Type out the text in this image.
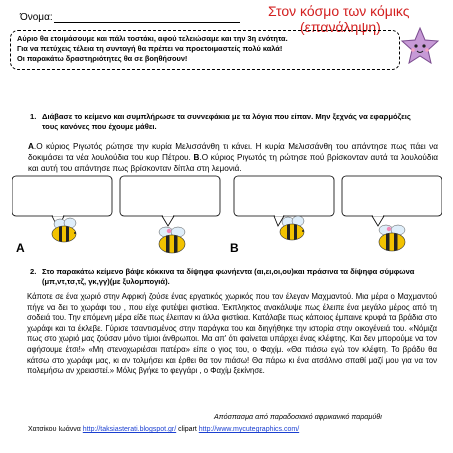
Όνομα:	Στον κόσμο των κόμικς
(επανάληψη)
Αύριο θα ετοιμάσουμε και πάλι τοστάκι, αφού τελειώσαμε και την 3η ενότητα.
Για να πετύχεις τέλεια τη συνταγή θα πρέπει να προετοιμαστείς πολύ καλά!
Οι παρακάτω δραστηριότητες θα σε βοηθήσουν!
1. Διάβασε το κείμενο και συμπλήρωσε τα συννεφάκια με τα λόγια που είπαν. Μην ξεχνάς να εφαρμόζεις τους κανόνες που έχουμε μάθει.
Α.Ο κύριος Ριγωτός ρώτησε την κυρία Μελισσάνθη τι κάνει. Η κυρία Μελισσάνθη του απάντησε πως πάει να δοκιμάσει τα νέα λουλούδια του κυρ Πέτρου. Β.Ο κύριος Ριγωτός τη ρώτησε πού βρίσκονταν αυτά τα λουλούδια και αυτή του απάντησε πως βρίσκονταν δίπλα στη λεμονιά.
A	B
2. Στο παρακάτω κείμενο βάψε κόκκινα τα δίψηφα φωνήεντα (αι,ει,οι,ου)και πράσινα τα δίψηφα σύμφωνα (μπ,ντ,τσ,τζ, γκ,γγ)(με ξυλομπογιά).
Κάποτε σε ένα χωριό στην Αφρική ζούσε ένας εργατικός χωρικός που τον έλεγαν Μαχμαντού. Μια μέρα ο Μαχμαντού πήγε να δει το χωράφι του , που είχε φυτέψει φιστίκια. Έκπληκτος ανακάλυψε πως έλειπε ένα μεγάλο μέρος από τη σοδειά του. Την επόμενη μέρα είδε πως έλειπαν κι άλλα φιστίκια. Κατάλαβε πως κάποιος έμπαινε κρυφά τα βράδια στο χωράφι και τα έκλεβε. Γύρισε τσαντισμένος στην παράγκα του και διηγήθηκε την ιστορία στην οικογένειά του. «Νόμιζα πως στο χωριό μας ζούσαν μόνο τίμιοι άνθρωποι. Μα απ' ότι φαίνεται υπάρχει ένας κλέφτης. Και δεν μπορούμε να τον αφήσουμε έτσι!» «Μη στενοχωριέσαι πατέρα» είπε ο γιος του, ο Φαχίμ. «Θα πιάσω εγώ τον κλέφτη. Το βράδυ θα κάτσω στο χωράφι μας, κι αν τολμήσει και έρθει θα τον πιάσω! Θα πάρω κι ένα ατσάλινο σπαθί μαζί μου για να τον πολεμήσω αν χρειαστεί.» Μόλις βγήκε το φεγγάρι , ο Φαχίμ ξεκίνησε.
Απόσπασμα από παραδοσιακό αφρικανικό παραμύθι
Χατσίκου Ιωάννα http://taksiasterati.blogspot.gr/ clipart http://www.mycutegraphics.com/
